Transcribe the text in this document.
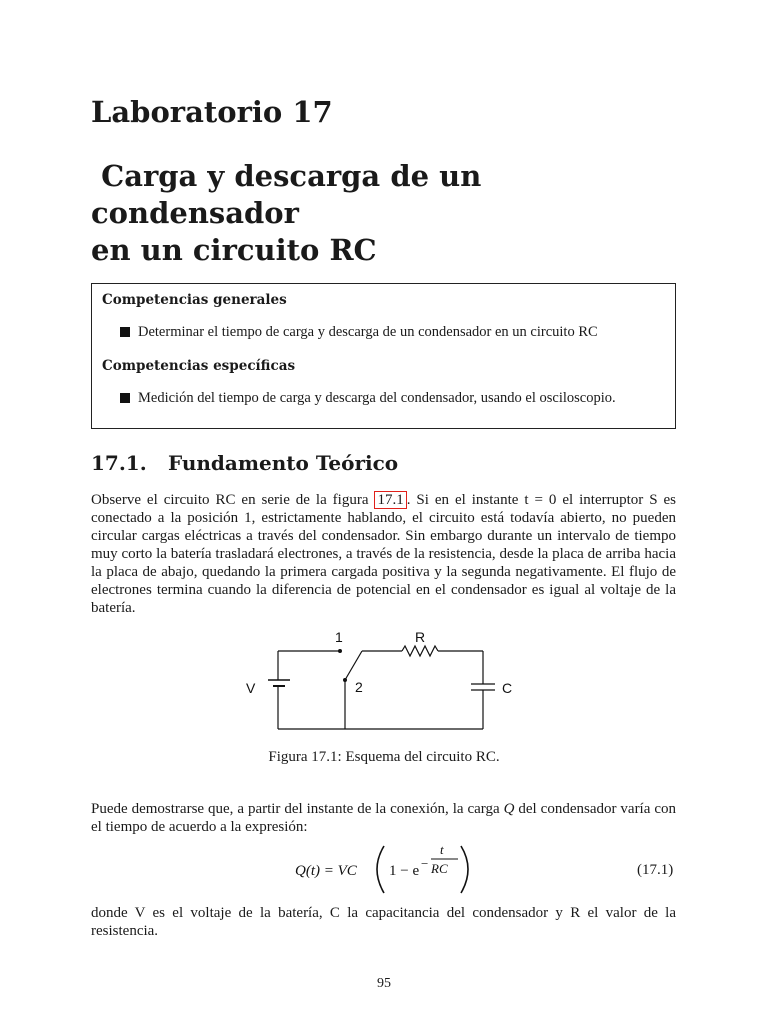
Laboratorio 17
Carga y descarga de un condensador
en un circuito RC
Competencias generales
Determinar el tiempo de carga y descarga de un condensador en un circuito RC
Competencias específicas
Medición del tiempo de carga y descarga del condensador, usando el osciloscopio.
17.1. Fundamento Teórico

Observe el circuito RC en serie de la figura 17.1 . Si en el instante t = 0 el interruptor S es conectado a la posición 1, estrictamente hablando, el circuito está todavía abierto, no pueden circular cargas eléctricas a través del condensador. Sin embargo durante un intervalo de tiempo muy corto la batería trasladará electrones, a través de la resistencia, desde la placa de arriba hacia la placa de abajo, quedando la primera cargada positiva y la segunda negativamente. El flujo de electrones termina cuando la diferencia de potencial en el condensador es igual al voltaje de la batería.

1
2
R
V	C
Figura 17.1: Esquema del circuito RC.

Puede demostrarse que, a partir del instante de la conexión, la carga Q del condensador varía con el tiempo de acuerdo a la expresión:

Q(t) = VC 1 − e −
t
RC	(17.1)

donde V es el voltaje de la batería, C la capacitancia del condensador y R el valor de la resistencia.

95
